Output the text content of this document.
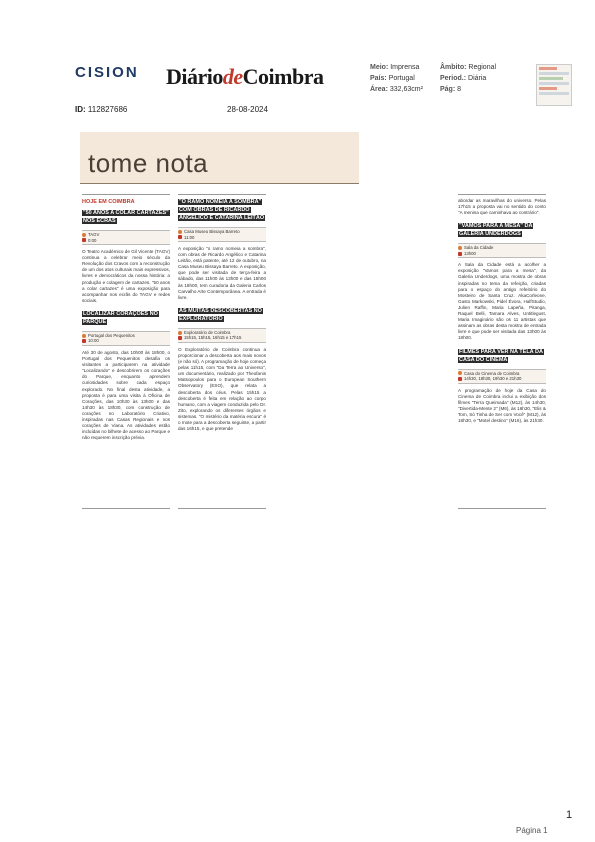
CISION DiáriodeCoimbra	Meio: Imprensa
País: Portugal
Área: 332,63cm²
Âmbito: Regional
Period.: Diária
Pág: 8
ID: 112827686	28-08-2024
tome nota
HOJE EM COIMBRA
"50 ANOS A COLAR CARTAZES" NOS ECRÃS
TAGV
0:00
O Teatro Académico de Gil Vicente (TAGV) continua a celebrar meio século da Revolução dos Cravos com a reconstrução de um dos atos culturais mais expressivos, livres e democráticos da nossa história: a produção e colagem de cartazes. "50 anos a colar cartazes" é uma exposição para acompanhar nos ecrãs do TAGV e redes sociais.
LOCALIZAR CORAÇÕES NO PARQUE
Portugal dos Pequenitos
10:00
Até 30 de agosto, das 10h00 às 18h00, o Portugal dos Pequenitos desafia os visitantes a participarem na atividade "Localizando" e descobrirem os corações do Parque, enquanto aprendem curiosidades sobre cada espaço explorado. No final desta atividade, a proposta é para uma visita à Oficina de Corações, das 10h30 às 13h00 e das 14h30 às 18h30, com construção de corações no Laboratório Criativo, inspiradas nas Casas Regionais e nos corações de Viana. As atividades estão incluídas no bilhete de acesso ao Parque e não requerem inscrição prévia.
"O RAMO NOMEIA A SOMBRA" COM OBRAS DE RICARDO ANGÉLICO E CATARINA LEITÃO
Casa Museu Bissaya Barreto
11:00
A exposição "o ramo nomeia a sombra", com obras de Ricardo Angélico e Catarina Leitão, está patente, até 12 de outubro, na Casa Museu Bissaya Barreto. A exposição, que pode ser visitada de terça-feira a sábado, das 11h00 às 13h00 e das 15h00 às 18h00, tem curadoria da Galeria Carlos Carvalho Arte Contemporânea. A entrada é livre.
AS MUITAS DESCOBERTAS NO EXPLORATÓRIO
Exploratório de Coimbra
15h15, 15h15, 16h15 e 17h15
O Exploratório de Coimbra continua a proporcionar a descoberta aos mais novos (e não só). A programação de hoje começa pelas 11h15, com "Da Terra ao Universo", um documentário, realizado por Theofanis Matsopoulos para o European Southern Observatory (ESO), que relata a descoberta dos céus. Pelas 15h15 a descoberta é feita em relação ao corpo humano, com a viagem conduzida pelo Dr. Zito, explorando os diferentes órgãos e sistemas. "O mistério da matéria escura" é o mote para a descoberta seguinte, a partir das 16h15, e que pretende
abordar as maravilhas do universo. Pelas 17h15 a proposta vai no sentido do conto "A menina que caminhava ao contrário".
"VAMOS PARA A MESA" DA GALERIA UNDERDOGS
Sala da Cidade
13h00
A Sala da Cidade está a acolher a exposição "Vamos para a mesa", da Galeria Underdogs, uma mostra de obras inspiradas no tema da refeição, criadas para o espaço do antigo refeitório do Mosteiro de Santa Cruz. AkaCorleone, Gasto Markowski, Pidel Évora, HalfStudio, Julien Raffin, Maria Lapeña, Pitanga, Raquel Belli, Tamara Alves, Untitlegust, Maria Imaginário são os 11 artistas que assinam as obras desta mostra de entrada livre e que pode ser visitada das 13h00 às 18h00.
FILMES PARA VER NA TELA DA CASA DO CINEMA
Casa do Cinema de Coimbra
14h30, 18h30, 19h30 e 21h30
A programação de hoje da Casa do Cinema de Coimbra inclui a exibição dos filmes "Terra Queimada" (M12), às 14h30, "Divertida-Mente 2" (M6), às 16h30, "Elis & Tom, Só Tinha de Ser com Você" (M12), às 18h30, e "Motel destino" (M16), às 21h30.
1
Página 1
